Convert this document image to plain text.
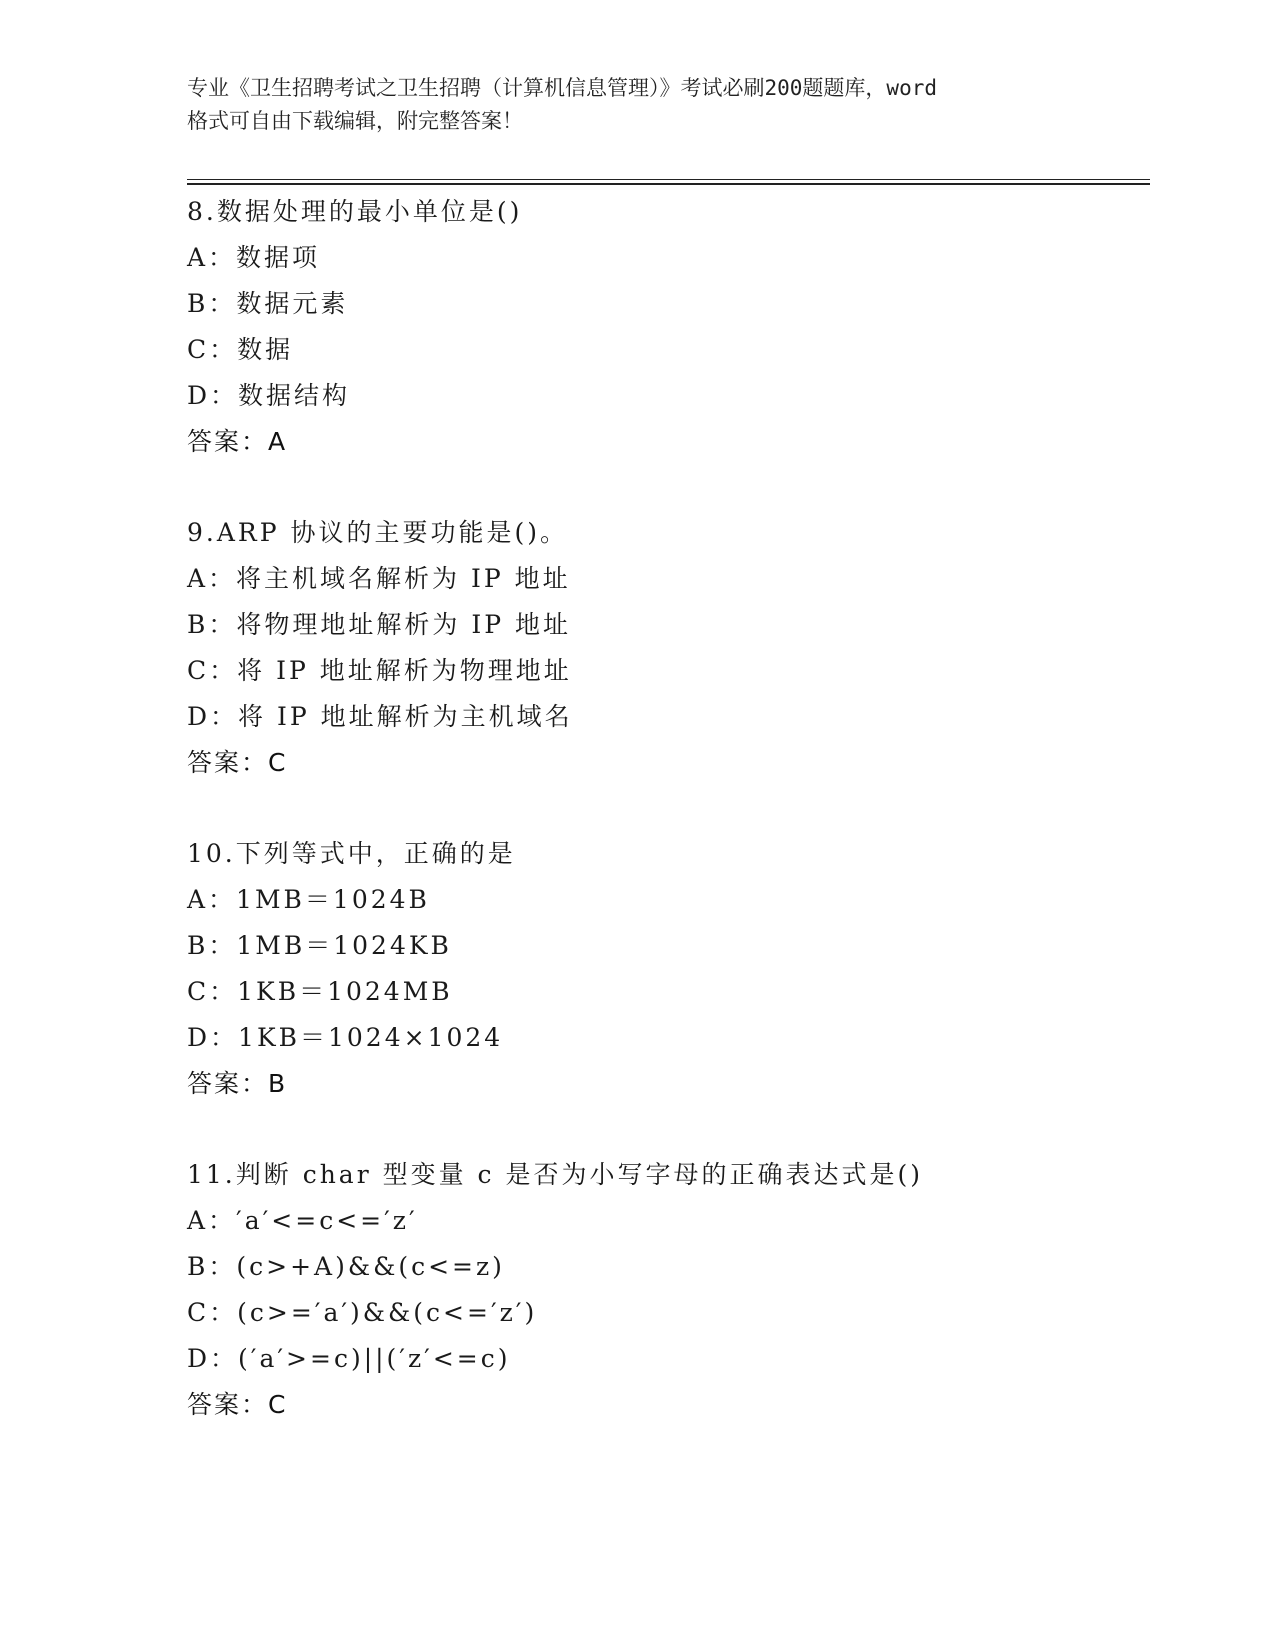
专业《卫生招聘考试之卫生招聘（计算机信息管理）》考试必刷200题题库，word
格式可自由下载编辑，附完整答案！
8.数据处理的最小单位是()
A：数据项
B：数据元素
C：数据
D：数据结构
答案：A
9.ARP 协议的主要功能是()。
A：将主机域名解析为 IP 地址
B：将物理地址解析为 IP 地址
C：将 IP 地址解析为物理地址
D：将 IP 地址解析为主机域名
答案：C
10.下列等式中，正确的是
A：1MB＝1024B
B：1MB＝1024KB
C：1KB＝1024MB
D：1KB＝1024×1024
答案：B
11.判断 char 型变量 c 是否为小写字母的正确表达式是()
A：′a′<=c<=′z′
B：(c>+A)&&(c<=z)
C：(c>=′a′)&&(c<=′z′)
D：(′a′>=c)||(′z′<=c)
答案：C
